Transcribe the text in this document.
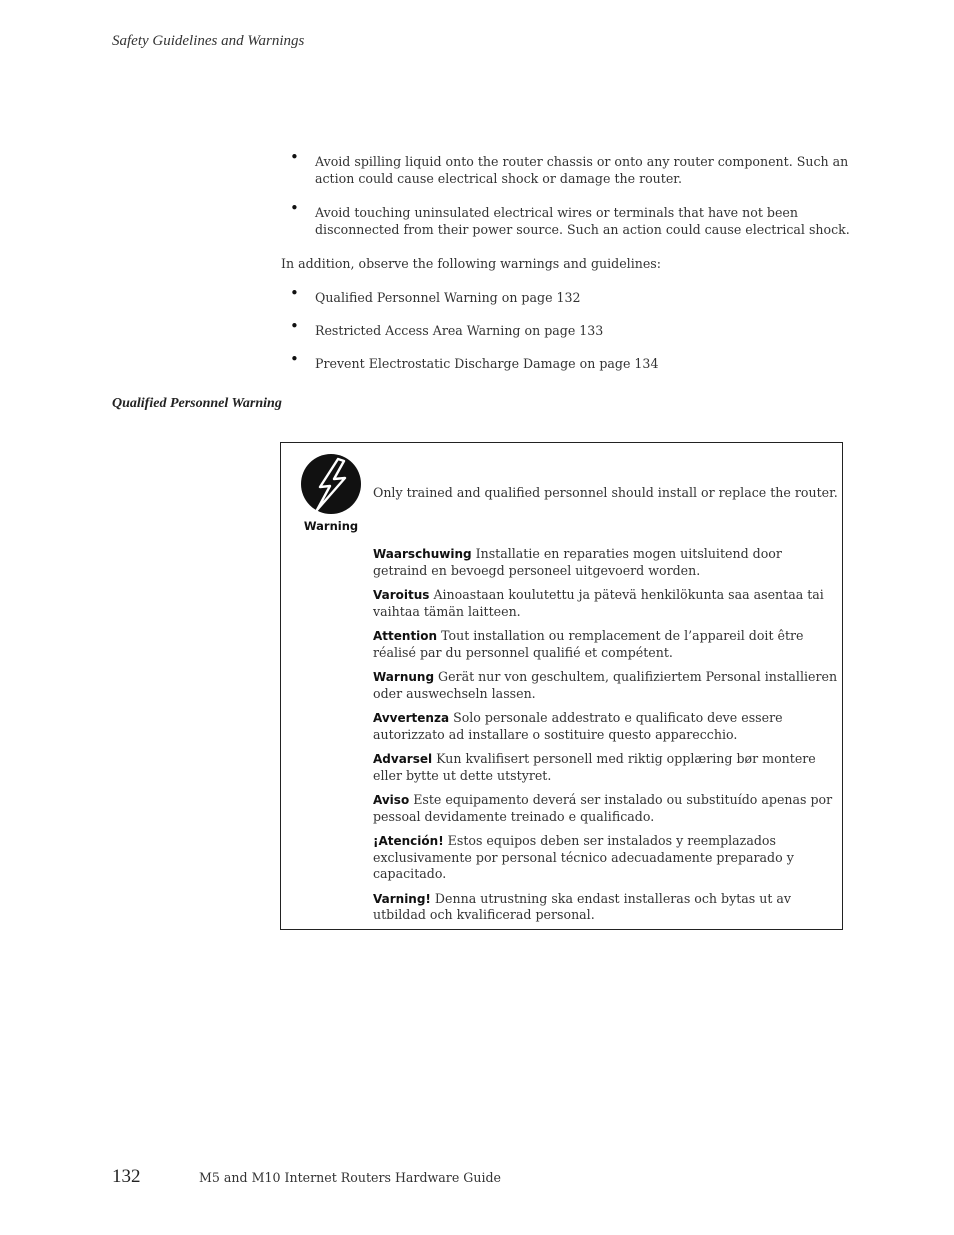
Safety Guidelines and Warnings
• Avoid spilling liquid onto the router chassis or onto any router component. Such an action could cause electrical shock or damage the router.
• Avoid touching uninsulated electrical wires or terminals that have not been disconnected from their power source. Such an action could cause electrical shock.
In addition, observe the following warnings and guidelines:
• Qualified Personnel Warning on page 132
• Restricted Access Area Warning on page 133
• Prevent Electrostatic Discharge Damage on page 134
Qualified Personnel Warning
Warning
Only trained and qualified personnel should install or replace the router.
Waarschuwing Installatie en reparaties mogen uitsluitend door getraind en bevoegd personeel uitgevoerd worden.
Varoitus Ainoastaan koulutettu ja pätevä henkilökunta saa asentaa tai vaihtaa tämän laitteen.
Attention Tout installation ou remplacement de l’appareil doit être réalisé par du personnel qualifié et compétent.
Warnung Gerät nur von geschultem, qualifiziertem Personal installieren oder auswechseln lassen.
Avvertenza Solo personale addestrato e qualificato deve essere autorizzato ad installare o sostituire questo apparecchio.
Advarsel Kun kvalifisert personell med riktig opplæring bør montere eller bytte ut dette utstyret.
Aviso Este equipamento deverá ser instalado ou substituído apenas por pessoal devidamente treinado e qualificado.
¡Atención! Estos equipos deben ser instalados y reemplazados exclusivamente por personal técnico adecuadamente preparado y capacitado.
Varning! Denna utrustning ska endast installeras och bytas ut av utbildad och kvalificerad personal.
132	M5 and M10 Internet Routers Hardware Guide
